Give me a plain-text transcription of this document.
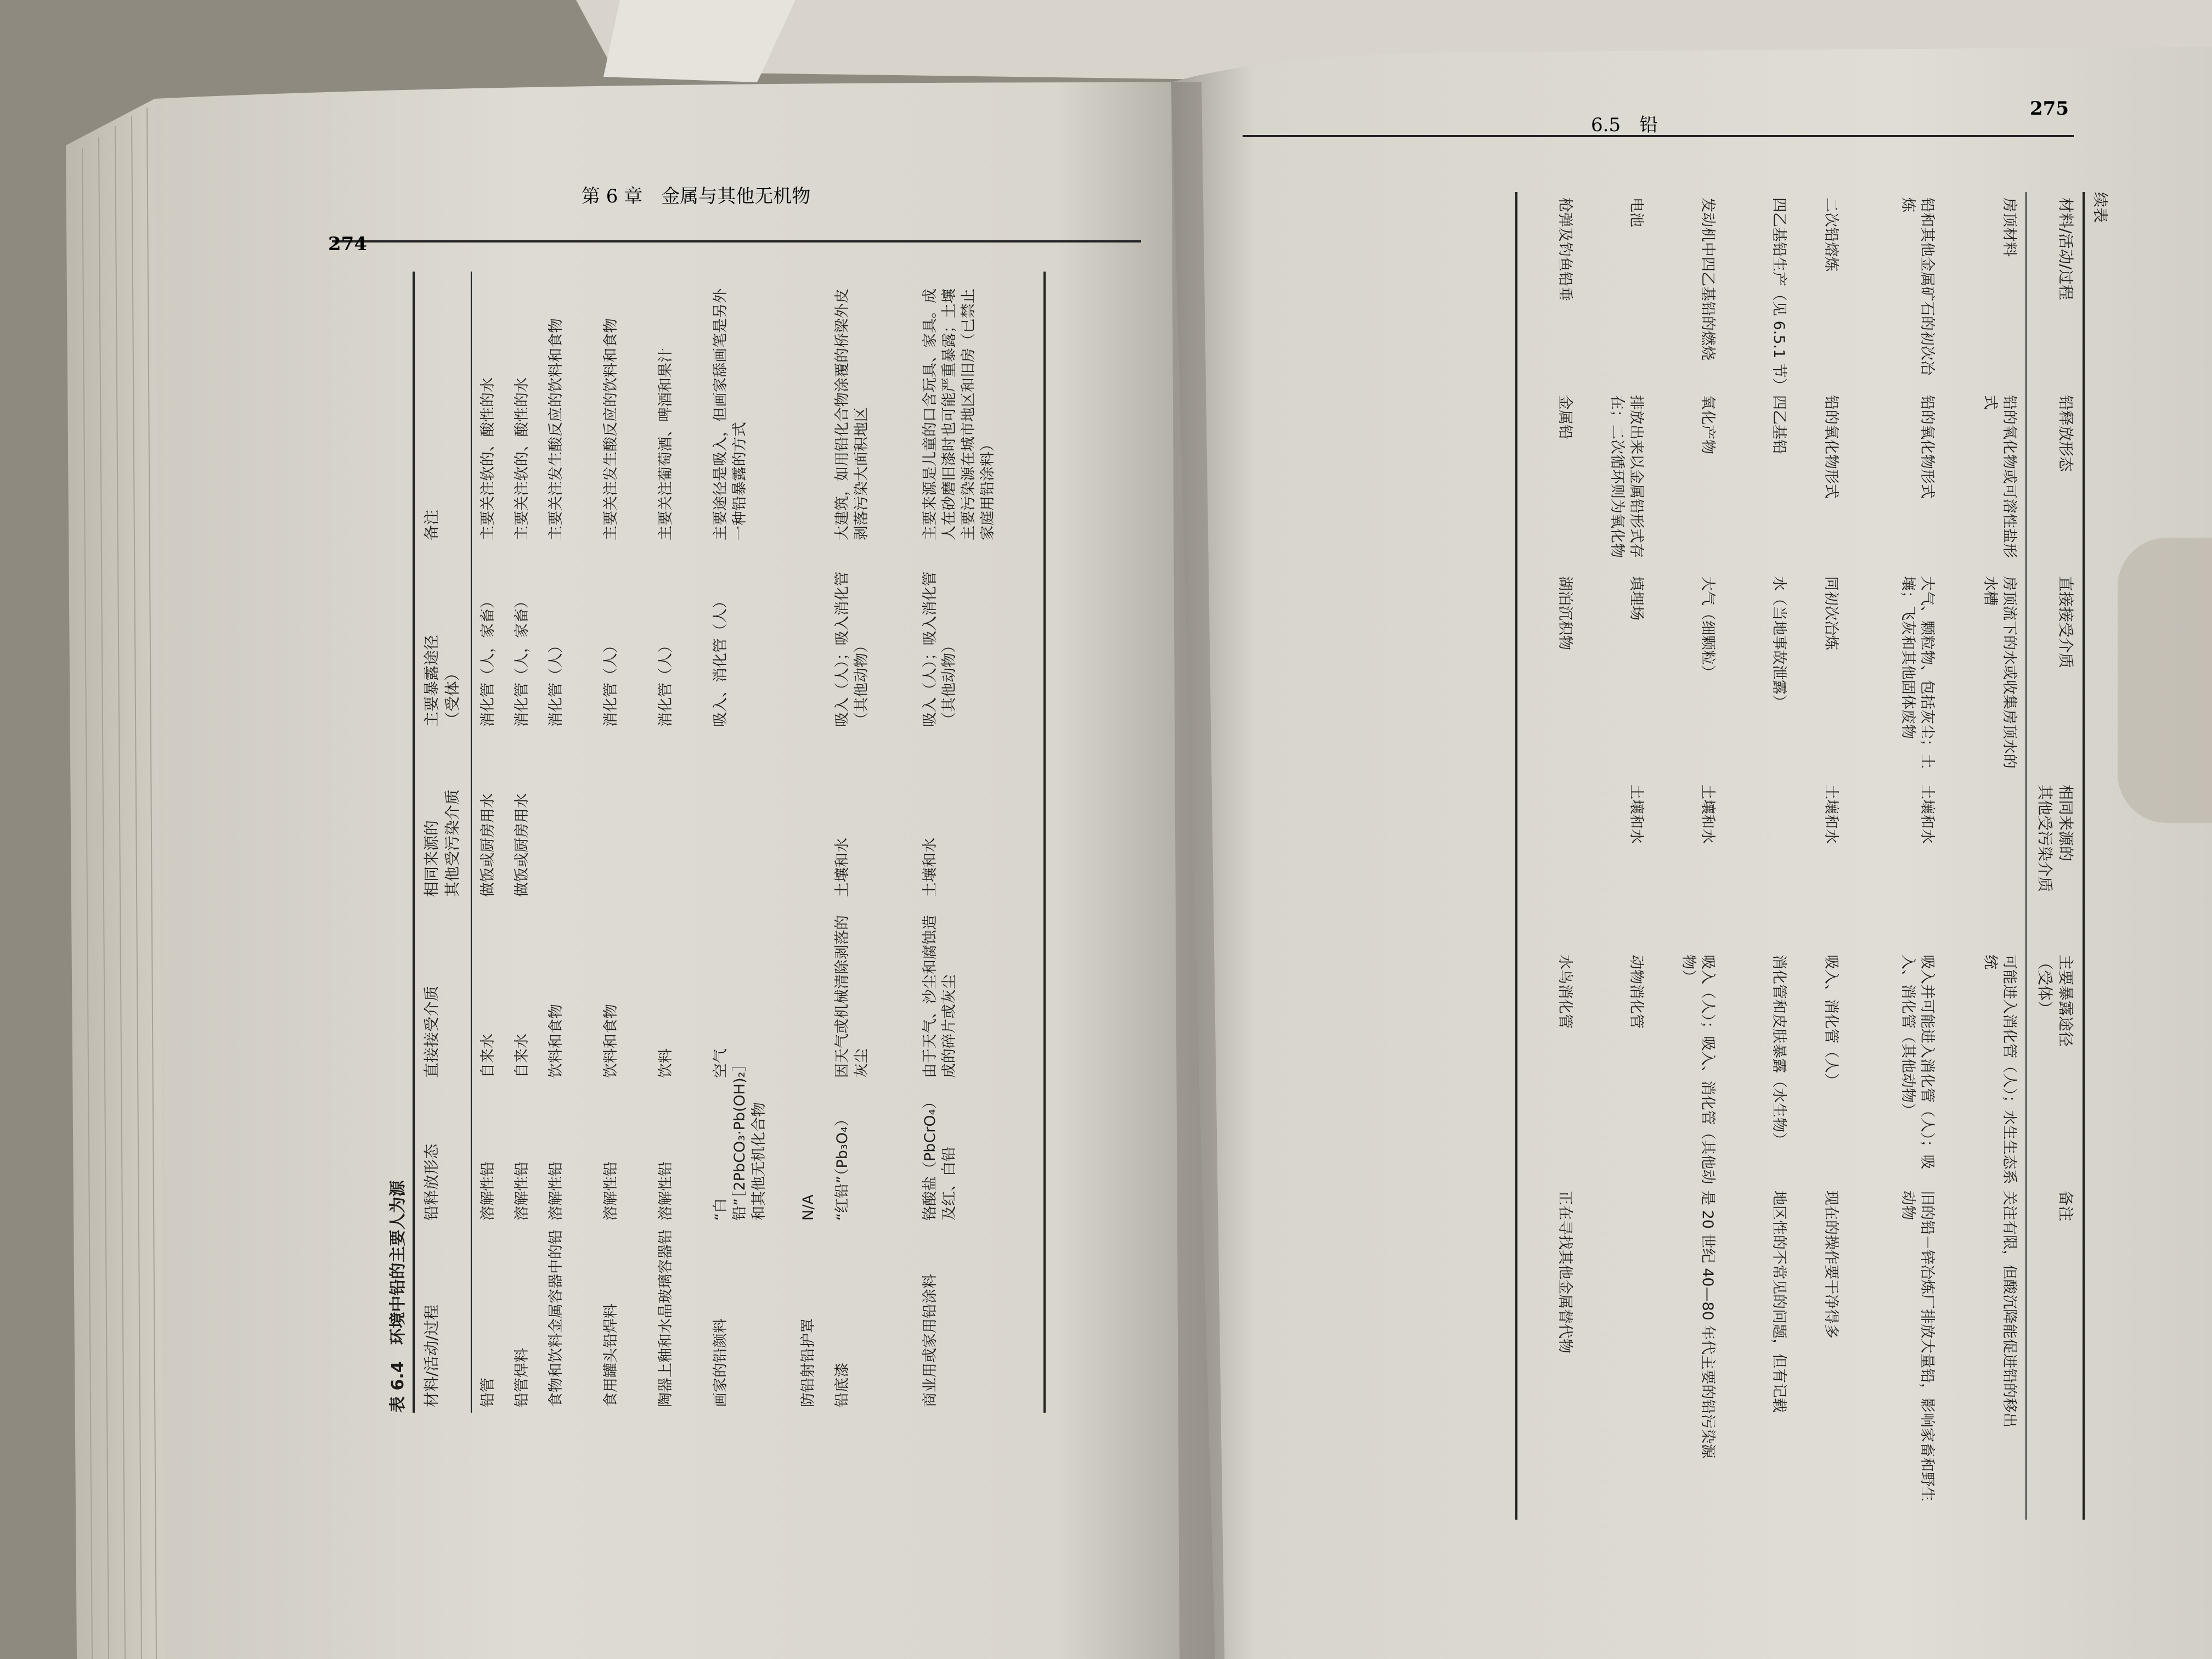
274
第 6 章　金属与其他无机物
6.5　铅
275
表 6.4　环境中铅的主要人为源 材料/活动/过程
铅释放形态
直接接受介质
相同来源的
其他受污染介质
主要暴露途径
（受体）
备注
铅管
溶解性铅
自来水
做饭或厨房用水
消化管（人，家畜）
主要关注软的、酸性的水
铅管焊料
溶解性铅
自来水
做饭或厨房用水
消化管（人，家畜）
主要关注软的、酸性的水
食物和饮料金属容器中的铅
溶解性铅
饮料和食物
消化管（人）
主要关注发生酸反应的饮料和食物
食用罐头铅焊料
溶解性铅
饮料和食物
消化管（人）
主要关注发生酸反应的饮料和食物
陶器上釉和水晶玻璃容器铅
溶解性铅
饮料
消化管（人）
主要关注葡萄酒、啤酒和果汁
画家的铅颜料
“白铅”［2PbCO₃·Pb(OH)₂］和其他无机化合物
空气
吸入、消化管（人）
主要途径是吸入，但画家舔画笔是另外一种铅暴露的方式
防铅射铅护罩
N/A
铅底漆
“红铅”（Pb₃O₄）
因天气或机械清除剥落的灰尘
土壤和水
吸入（人）；吸入消化管（其他动物）
大建筑，如用铅化合物涂覆的桥梁外皮剥落污染大面积地区
商业用或家用铅涂料
铬酸盐（PbCrO₄）及红、白铅
由于天气、沙尘和腐蚀造成的碎片或灰尘
土壤和水
吸入（人）；吸入消化管（其他动物）
主要来源是儿童的口含玩具、家具。成人在砂磨旧漆时也可能严重暴露；土壤主要污染源在城市地区和旧房（已禁止家庭用铅涂料）
续表
材料/活动/过程
铅释放形态
直接接受介质
相同来源的
其他受污染介质
主要暴露途径
（受体）
备注
房顶材料
铅的氧化物或可溶性盐形式
房顶流下的水或收集房顶水的水槽
可能进入消化管（人）；水生生态系统
关注有限，但酸沉降能促进铅的移出
铅和其他金属矿石的初次冶炼
铅的氧化物形式
大气、颗粒物、包括灰尘；土壤；飞灰和其他固体废物
土壤和水
吸入并可能进入消化管（人）；吸入、消化管（其他动物）
旧的铅－锌冶炼厂排放大量铅，影响家畜和野生动物
二次铅熔炼
铅的氧化物形式
同初次冶炼
土壤和水
吸入、消化管（人）
现在的操作要干净得多
四乙基铅生产（见 6.5.1 节）
四乙基铅
水（当地事故泄露）
消化管和皮肤暴露（水生物）
地区性的不常见的问题，但有记载
发动机中四乙基铅的燃烧
氧化产物
大气（细颗粒）
土壤和水
吸入（人）；吸入、消化管（其他动物）
是 20 世纪 40—80 年代主要的铅污染源
电池
排放出来以金属铅形式存在；二次循环则为氧化物
填埋场
土壤和水
动物消化管
枪弹及钓鱼铅垂
金属铅
湖泊沉积物
水鸟消化管
正在寻找其他金属替代物
